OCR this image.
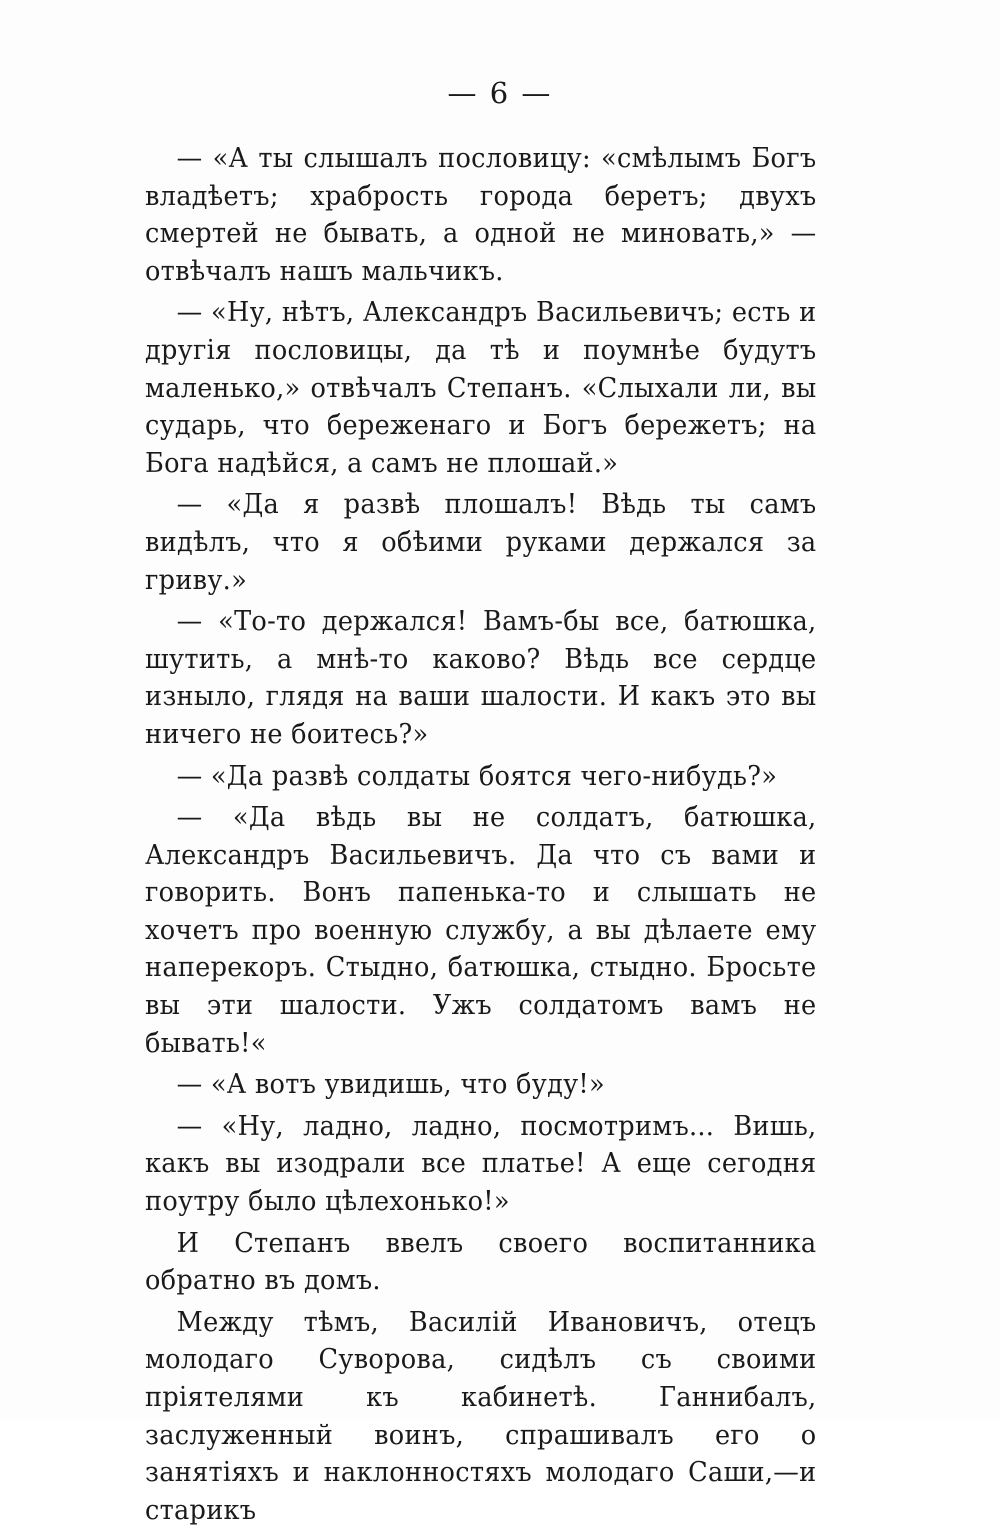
— 6 —

— «А ты слышалъ пословицу: «смѣлымъ Богъ владѣетъ; храбрость города беретъ; двухъ смертей не бывать, а одной не миновать,» —отвѣчалъ нашъ мальчикъ.

— «Ну, нѣтъ, Александръ Васильевичъ; есть и другія пословицы, да тѣ и поумнѣе будутъ маленько,» отвѣчалъ Степанъ. «Слыхали ли, вы сударь, что береженаго и Богъ бережетъ; на Бога надѣйся, а самъ не плошай.»

— «Да я развѣ плошалъ! Вѣдь ты самъ видѣлъ, что я обѣими руками держался за гриву.»

— «То-то держался! Вамъ-бы все, батюшка, шутить, а мнѣ-то каково? Вѣдь все сердце изныло, глядя на ваши шалости. И какъ это вы ничего не боитесь?»

— «Да развѣ солдаты боятся чего-нибудь?»

— «Да вѣдь вы не солдатъ, батюшка, Александръ Васильевичъ. Да что съ вами и говорить. Вонъ папенька-то и слышать не хочетъ про военную службу, а вы дѣлаете ему наперекоръ. Стыдно, батюшка, стыдно. Бросьте вы эти шалости. Ужъ солдатомъ вамъ не бывать!«

— «А вотъ увидишь, что буду!»

— «Ну, ладно, ладно, посмотримъ... Вишь, какъ вы изодрали все платье! А еще сегодня поутру было цѣлехонько!»

И Степанъ ввелъ своего воспитанника обратно въ домъ.

Между тѣмъ, Василій Ивановичъ, отецъ молодаго Суворова, сидѣлъ съ своими пріятелями къ кабинетѣ. Ганнибалъ, заслуженный воинъ, спрашивалъ его о занятіяхъ и наклонностяхъ молодаго Саши,—и старикъ
